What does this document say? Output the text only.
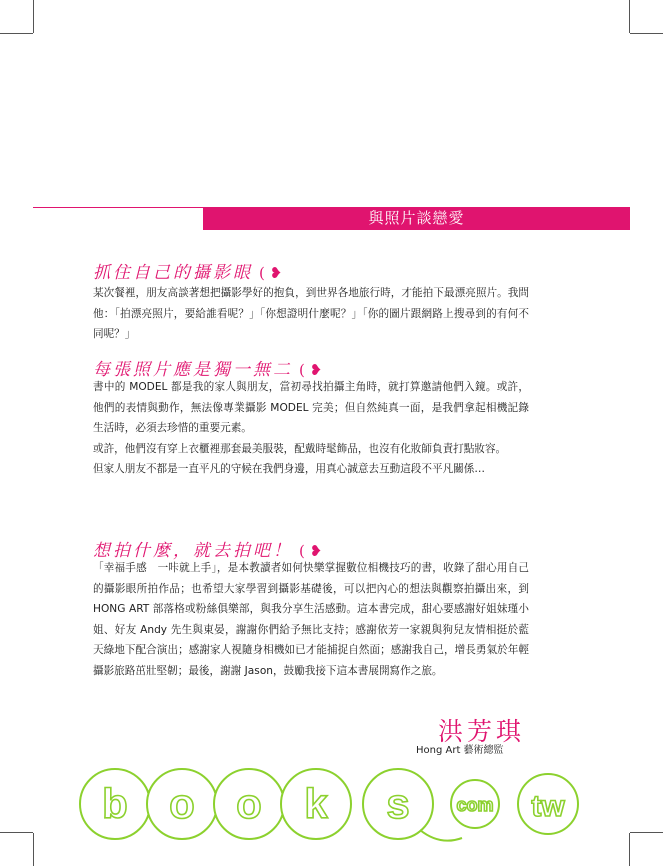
與照片談戀愛
抓住自己的攝影眼 ( ❥

某次餐裡，朋友高談著想把攝影學好的抱負，到世界各地旅行時，才能拍下最漂亮照片。我問他：「拍漂亮照片，要給誰看呢？」「你想證明什麼呢？」「你的圖片跟網路上搜尋到的有何不同呢？」

每張照片應是獨一無二 ( ❥

書中的 MODEL 都是我的家人與朋友，當初尋找拍攝主角時，就打算邀請他們入鏡。或許，他們的表情與動作，無法像專業攝影 MODEL 完美；但自然純真一面，是我們拿起相機記錄生活時，必須去珍惜的重要元素。

或許，他們沒有穿上衣櫃裡那套最美服裝，配戴時髦飾品，也沒有化妝師負責打點妝容。

但家人朋友不都是一直平凡的守候在我們身邊，用真心誠意去互動這段不平凡關係…

想拍什麼，就去拍吧！ ( ❥

「幸福手感　一咔就上手」，是本教讀者如何快樂掌握數位相機技巧的書，收錄了甜心用自己的攝影眼所拍作品；也希望大家學習到攝影基礎後，可以把內心的想法與觀察拍攝出來，到 HONG ART 部落格或粉絲俱樂部，與我分享生活感動。這本書完成，甜心要感謝好姐妹瑾小姐、好友 Andy 先生與東晏，謝謝你們給予無比支持；感謝依芳一家親與狗兒友情相挺於藍天綠地下配合演出；感謝家人視隨身相機如已才能捕捉自然面；感謝我自己，增長勇氣於年輕攝影旅路茁壯堅韌；最後，謝謝 Jason，鼓勵我接下這本書展開寫作之旅。

洪芳琪
Hong Art 藝術總監
b o o k s	com tw
